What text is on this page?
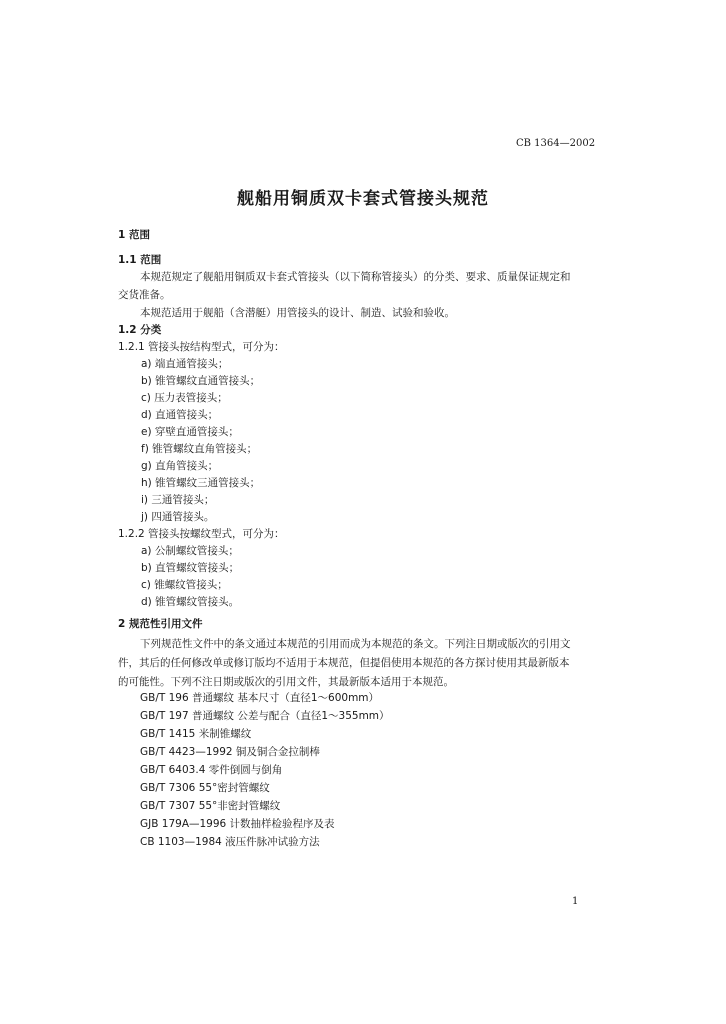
CB 1364—2002
舰船用铜质双卡套式管接头规范
1 范围
1.1 范围
本规范规定了舰船用铜质双卡套式管接头（以下简称管接头）的分类、要求、质量保证规定和
交货准备。
本规范适用于舰船（含潜艇）用管接头的设计、制造、试验和验收。
1.2 分类
1.2.1 管接头按结构型式，可分为：
a) 端直通管接头；
b) 锥管螺纹直通管接头；
c) 压力表管接头；
d) 直通管接头；
e) 穿壁直通管接头；
f) 锥管螺纹直角管接头；
g) 直角管接头；
h) 锥管螺纹三通管接头；
i) 三通管接头；
j) 四通管接头。
1.2.2 管接头按螺纹型式，可分为：
a) 公制螺纹管接头；
b) 直管螺纹管接头；
c) 锥螺纹管接头；
d) 锥管螺纹管接头。
2 规范性引用文件
下列规范性文件中的条文通过本规范的引用而成为本规范的条文。下列注日期或版次的引用文
件，其后的任何修改单或修订版均不适用于本规范，但提倡使用本规范的各方探讨使用其最新版本
的可能性。下列不注日期或版次的引用文件，其最新版本适用于本规范。
GB/T 196 普通螺纹 基本尺寸（直径1～600mm）
GB/T 197 普通螺纹 公差与配合（直径1～355mm）
GB/T 1415 米制锥螺纹
GB/T 4423—1992 铜及铜合金拉制棒
GB/T 6403.4 零件倒圆与倒角
GB/T 7306 55°密封管螺纹
GB/T 7307 55°非密封管螺纹
GJB 179A—1996 计数抽样检验程序及表
CB 1103—1984 液压件脉冲试验方法
1
